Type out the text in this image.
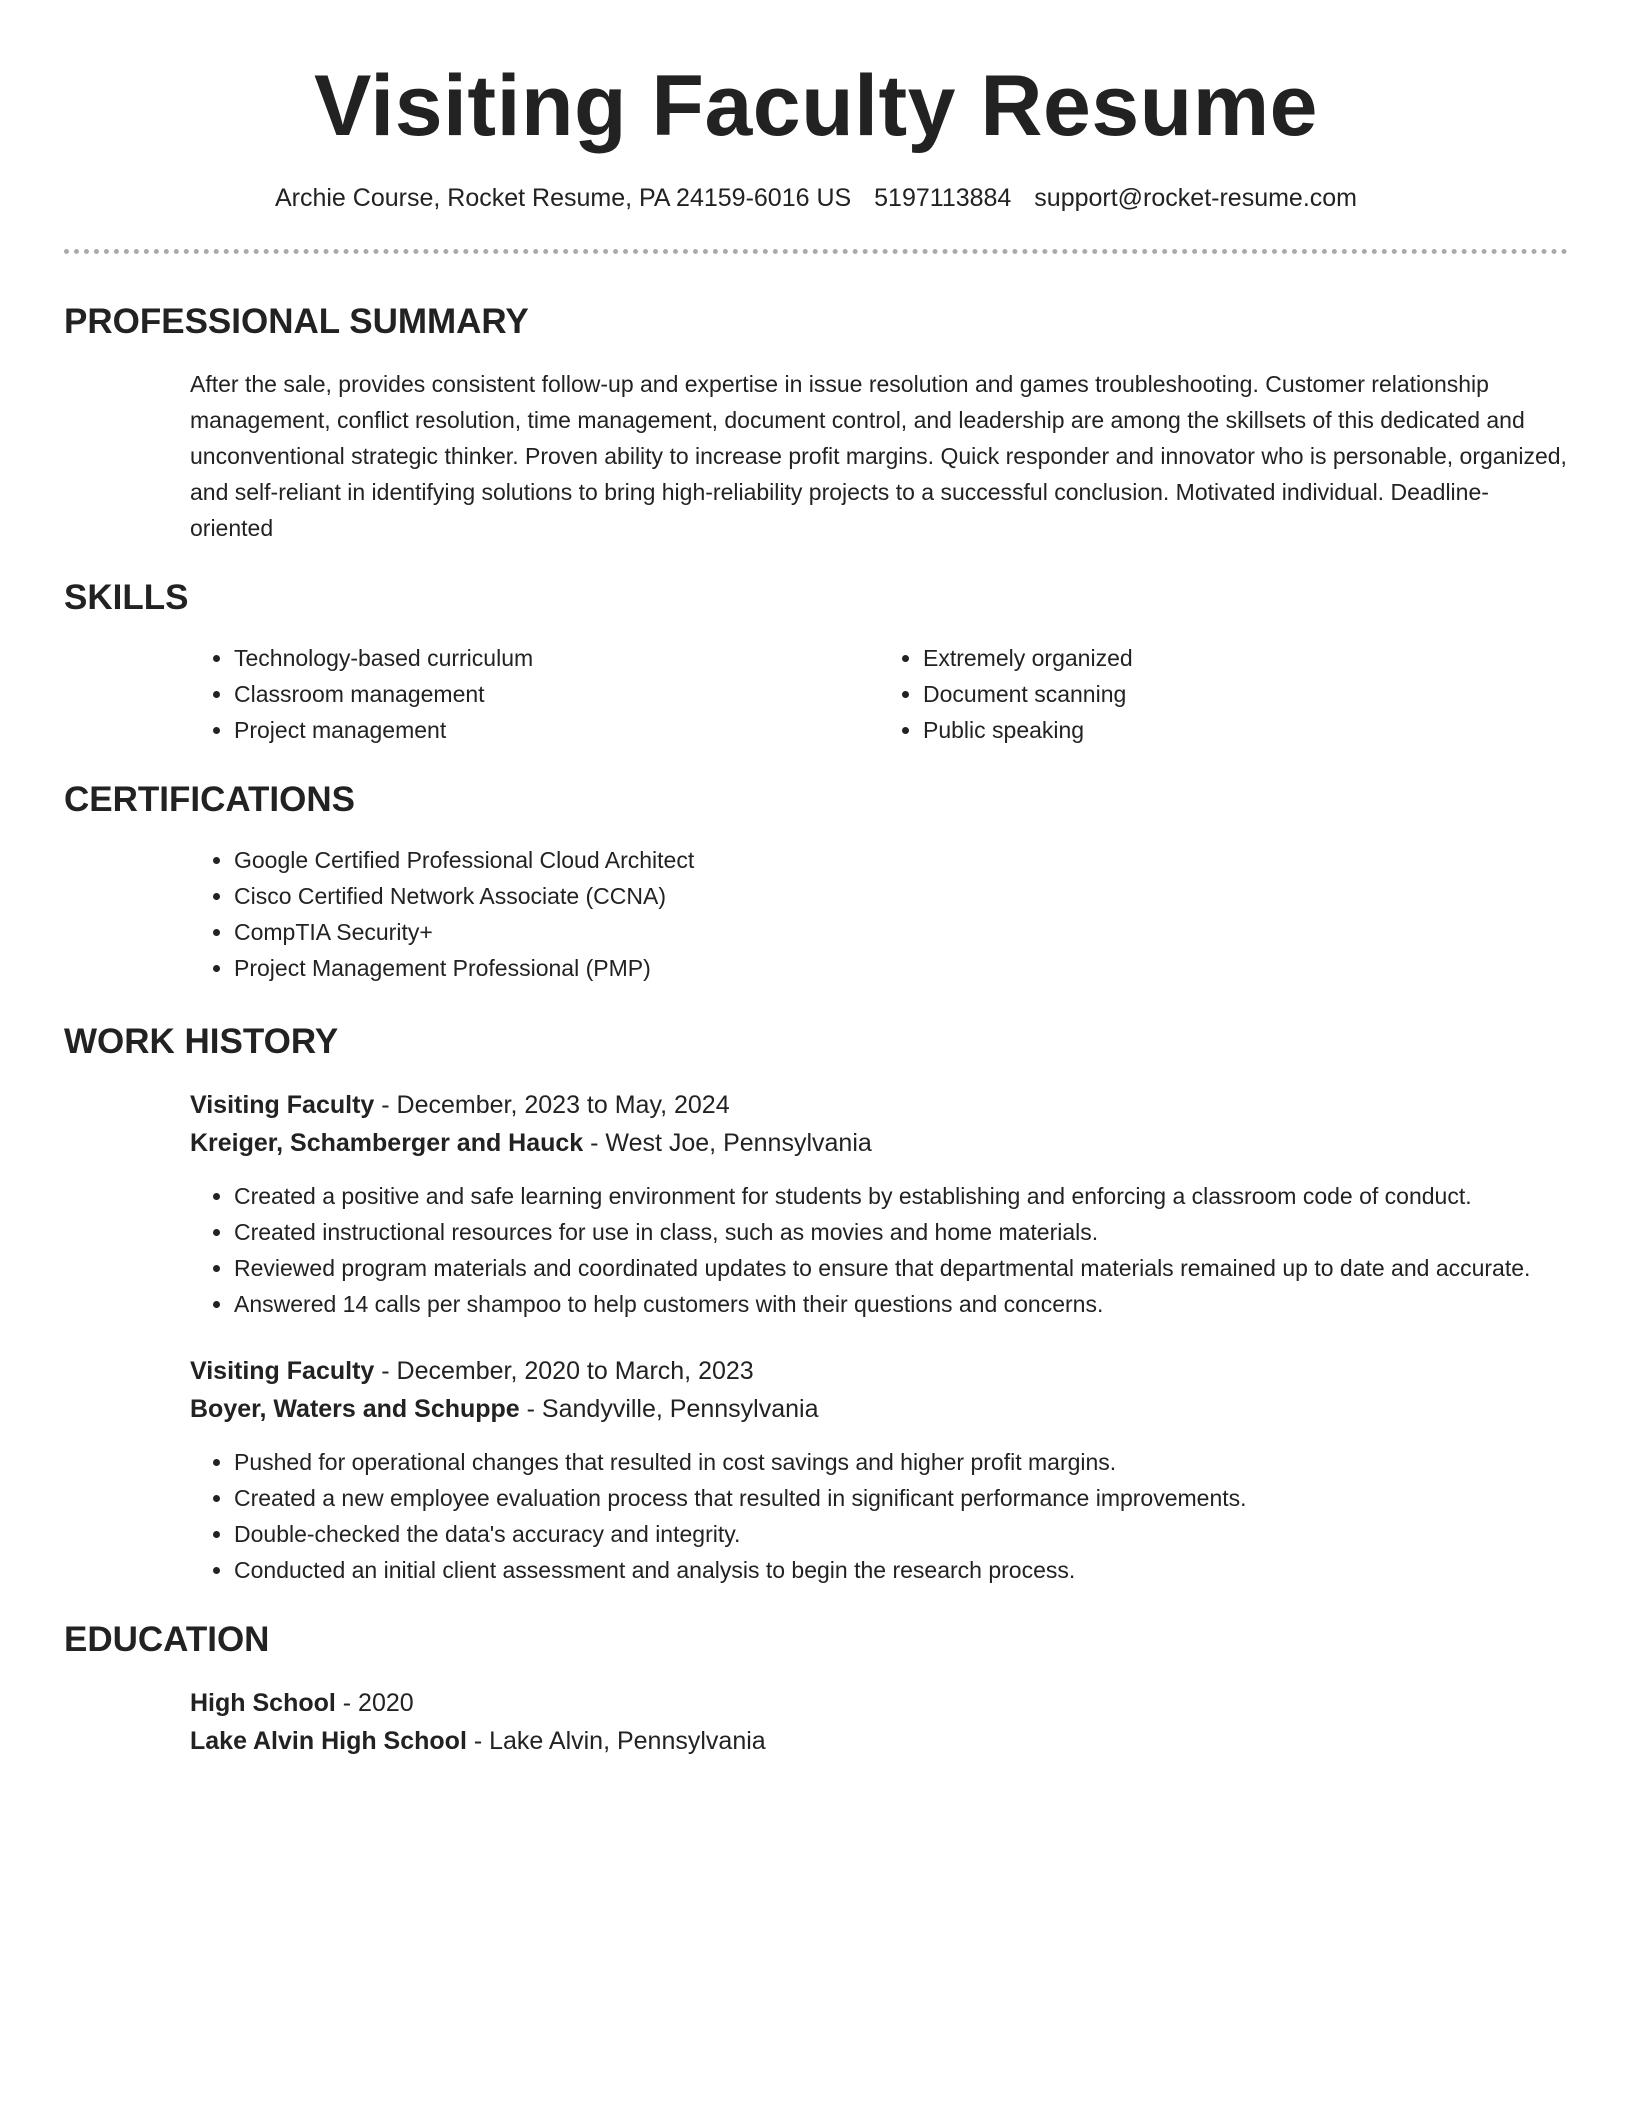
Visiting Faculty Resume
Archie Course, Rocket Resume, PA 24159-6016 US 5197113884 support@rocket-resume.com
PROFESSIONAL SUMMARY

After the sale, provides consistent follow-up and expertise in issue resolution and games troubleshooting. Customer relationship management, conflict resolution, time management, document control, and leadership are among the skillsets of this dedicated and unconventional strategic thinker. Proven ability to increase profit margins. Quick responder and innovator who is personable, organized, and self-reliant in identifying solutions to bring high-reliability projects to a successful conclusion. Motivated individual. Deadline-oriented

SKILLS
• Technology-based curriculum
• Classroom management
• Project management
• Extremely organized
• Document scanning
• Public speaking
CERTIFICATIONS
• Google Certified Professional Cloud Architect
• Cisco Certified Network Associate (CCNA)
• CompTIA Security+
• Project Management Professional (PMP)
WORK HISTORY
Visiting Faculty - December, 2023 to May, 2024
Kreiger, Schamberger and Hauck - West Joe, Pennsylvania
• Created a positive and safe learning environment for students by establishing and enforcing a classroom code of conduct.
• Created instructional resources for use in class, such as movies and home materials.
• Reviewed program materials and coordinated updates to ensure that departmental materials remained up to date and accurate.
• Answered 14 calls per shampoo to help customers with their questions and concerns.
Visiting Faculty - December, 2020 to March, 2023
Boyer, Waters and Schuppe - Sandyville, Pennsylvania
• Pushed for operational changes that resulted in cost savings and higher profit margins.
• Created a new employee evaluation process that resulted in significant performance improvements.
• Double-checked the data's accuracy and integrity.
• Conducted an initial client assessment and analysis to begin the research process.
EDUCATION
High School - 2020
Lake Alvin High School - Lake Alvin, Pennsylvania
